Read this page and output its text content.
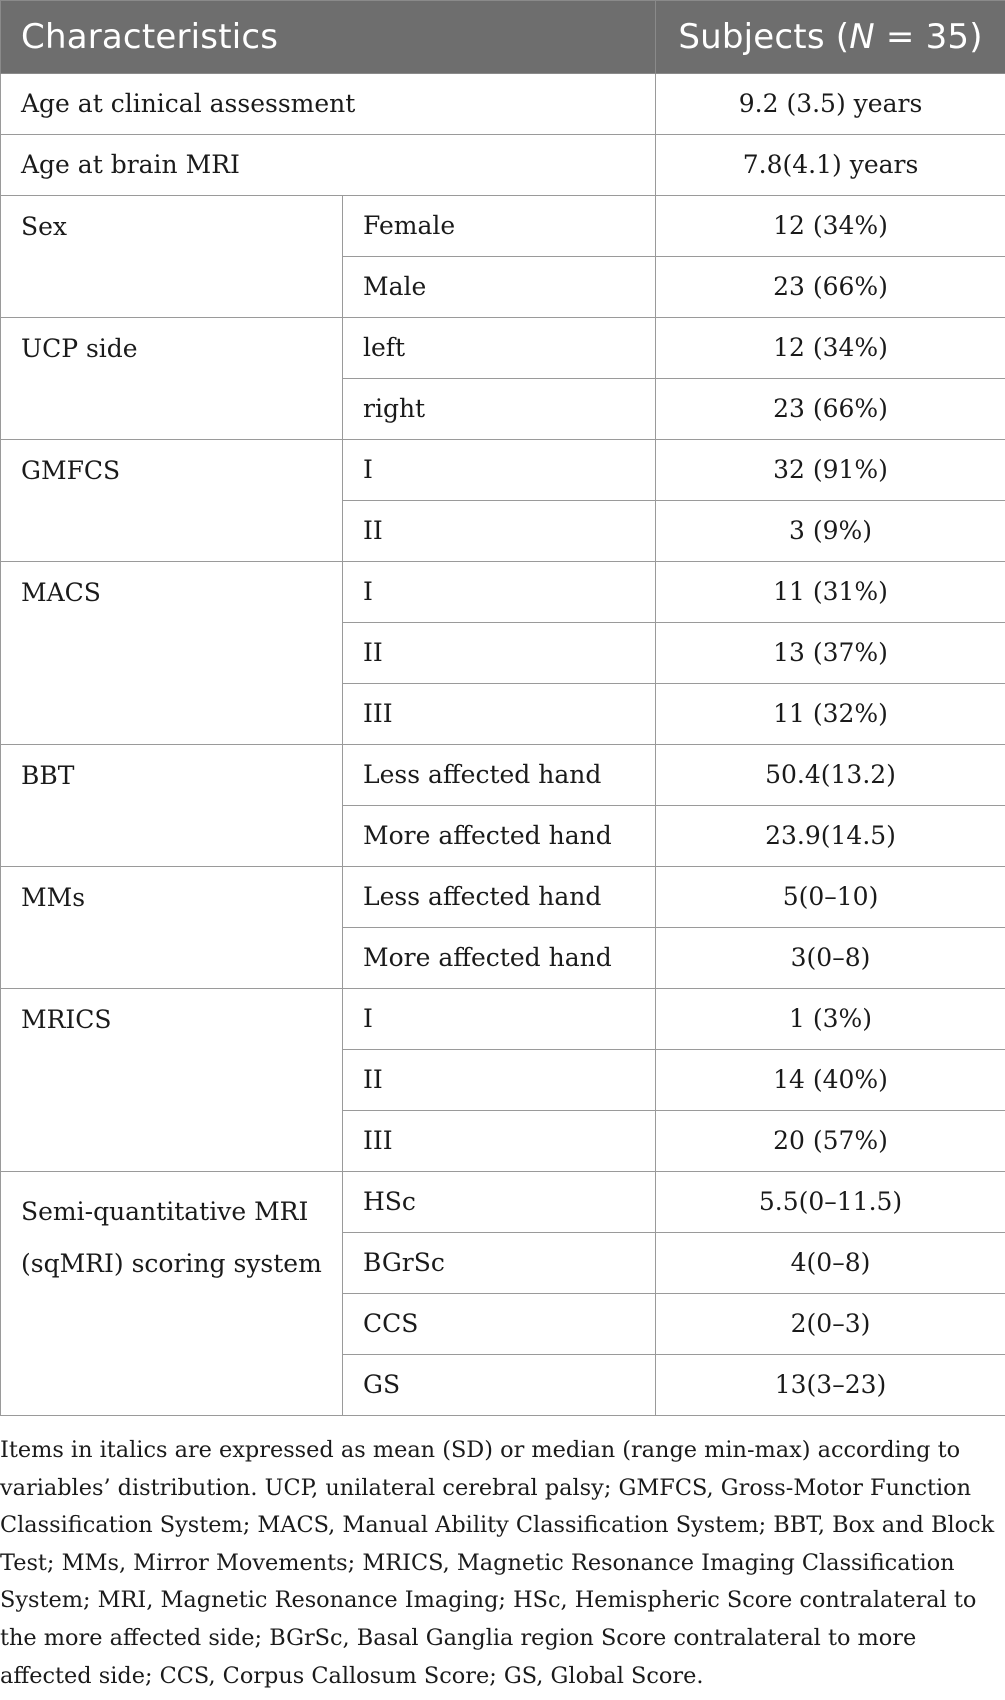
Characteristics		Subjects (N = 35)
Age at clinical assessment		9.2 (3.5) years
Age at brain MRI		7.8(4.1) years
Sex	Female	12 (34%)
	Male	23 (66%)
UCP side	left	12 (34%)
	right	23 (66%)
GMFCS	I	32 (91%)
	II	3 (9%)
MACS	I	11 (31%)
	II	13 (37%)
	III	11 (32%)
BBT	Less affected hand	50.4(13.2)
	More affected hand	23.9(14.5)
MMs	Less affected hand	5(0–10)
	More affected hand	3(0–8)
MRICS	I	1 (3%)
	II	14 (40%)
	III	20 (57%)
Semi-quantitative MRI (sqMRI) scoring system	HSc	5.5(0–11.5)
	BGrSc	4(0–8)
	CCS	2(0–3)
	GS	13(3–23)

Items in italics are expressed as mean (SD) or median (range min-max) according to variables’ distribution. UCP, unilateral cerebral palsy; GMFCS, Gross-Motor Function Classification System; MACS, Manual Ability Classification System; BBT, Box and Block Test; MMs, Mirror Movements; MRICS, Magnetic Resonance Imaging Classification System; MRI, Magnetic Resonance Imaging; HSc, Hemispheric Score contralateral to the more affected side; BGrSc, Basal Ganglia region Score contralateral to more affected side; CCS, Corpus Callosum Score; GS, Global Score.
